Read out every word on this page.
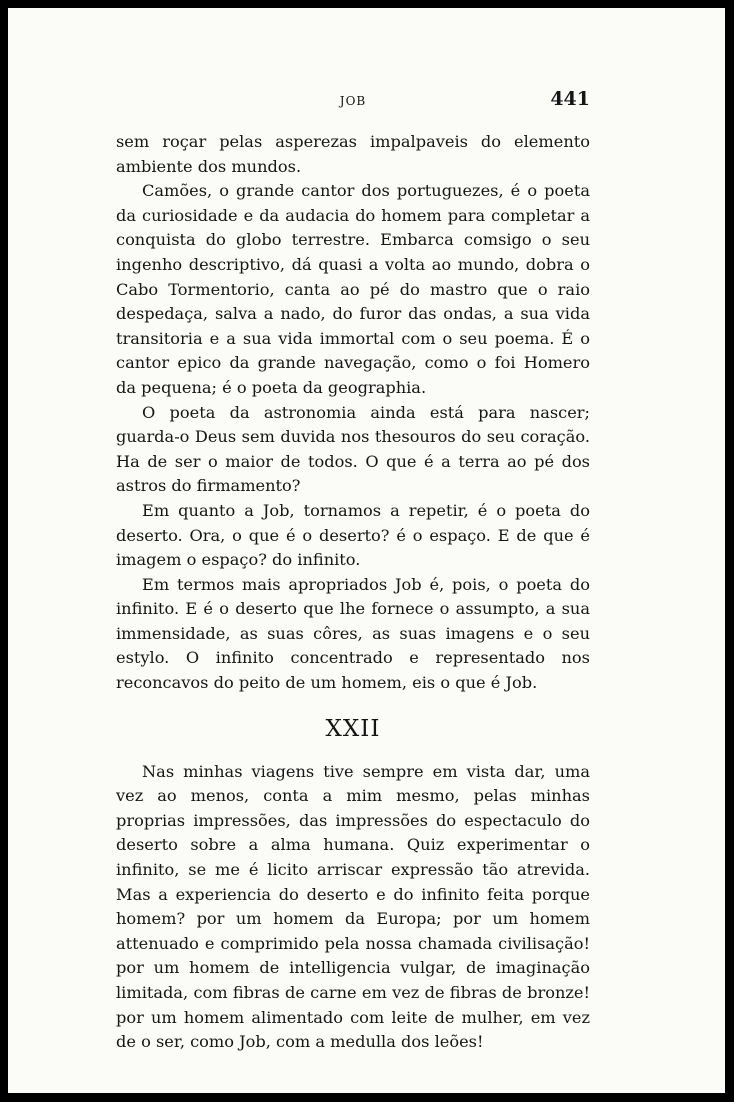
JOB	441

sem roçar pelas asperezas impalpaveis do elemento ambiente dos mundos.

Camões, o grande cantor dos portuguezes, é o poeta da curiosidade e da audacia do homem para completar a conquista do globo terrestre. Embarca comsigo o seu ingenho descriptivo, dá quasi a volta ao mundo, dobra o Cabo Tormentorio, canta ao pé do mastro que o raio despedaça, salva a nado, do furor das ondas, a sua vida transitoria e a sua vida immortal com o seu poema. É o cantor epico da grande navegação, como o foi Homero da pequena; é o poeta da geographia.

O poeta da astronomia ainda está para nascer; guarda-o Deus sem duvida nos thesouros do seu coração. Ha de ser o maior de todos. O que é a terra ao pé dos astros do firmamento?

Em quanto a Job, tornamos a repetir, é o poeta do deserto. Ora, o que é o deserto? é o espaço. E de que é imagem o espaço? do infinito.

Em termos mais apropriados Job é, pois, o poeta do infinito. E é o deserto que lhe fornece o assumpto, a sua immensidade, as suas côres, as suas imagens e o seu estylo. O infinito concentrado e representado nos reconcavos do peito de um homem, eis o que é Job.

XXII

Nas minhas viagens tive sempre em vista dar, uma vez ao menos, conta a mim mesmo, pelas minhas proprias impressões, das impressões do espectaculo do deserto sobre a alma humana. Quiz experimentar o infinito, se me é licito arriscar expressão tão atrevida. Mas a experiencia do deserto e do infinito feita porque homem? por um homem da Europa; por um homem attenuado e comprimido pela nossa chamada civilisação! por um homem de intelligencia vulgar, de imaginação limitada, com fibras de carne em vez de fibras de bronze! por um homem alimentado com leite de mulher, em vez de o ser, como Job, com a medulla dos leões!
